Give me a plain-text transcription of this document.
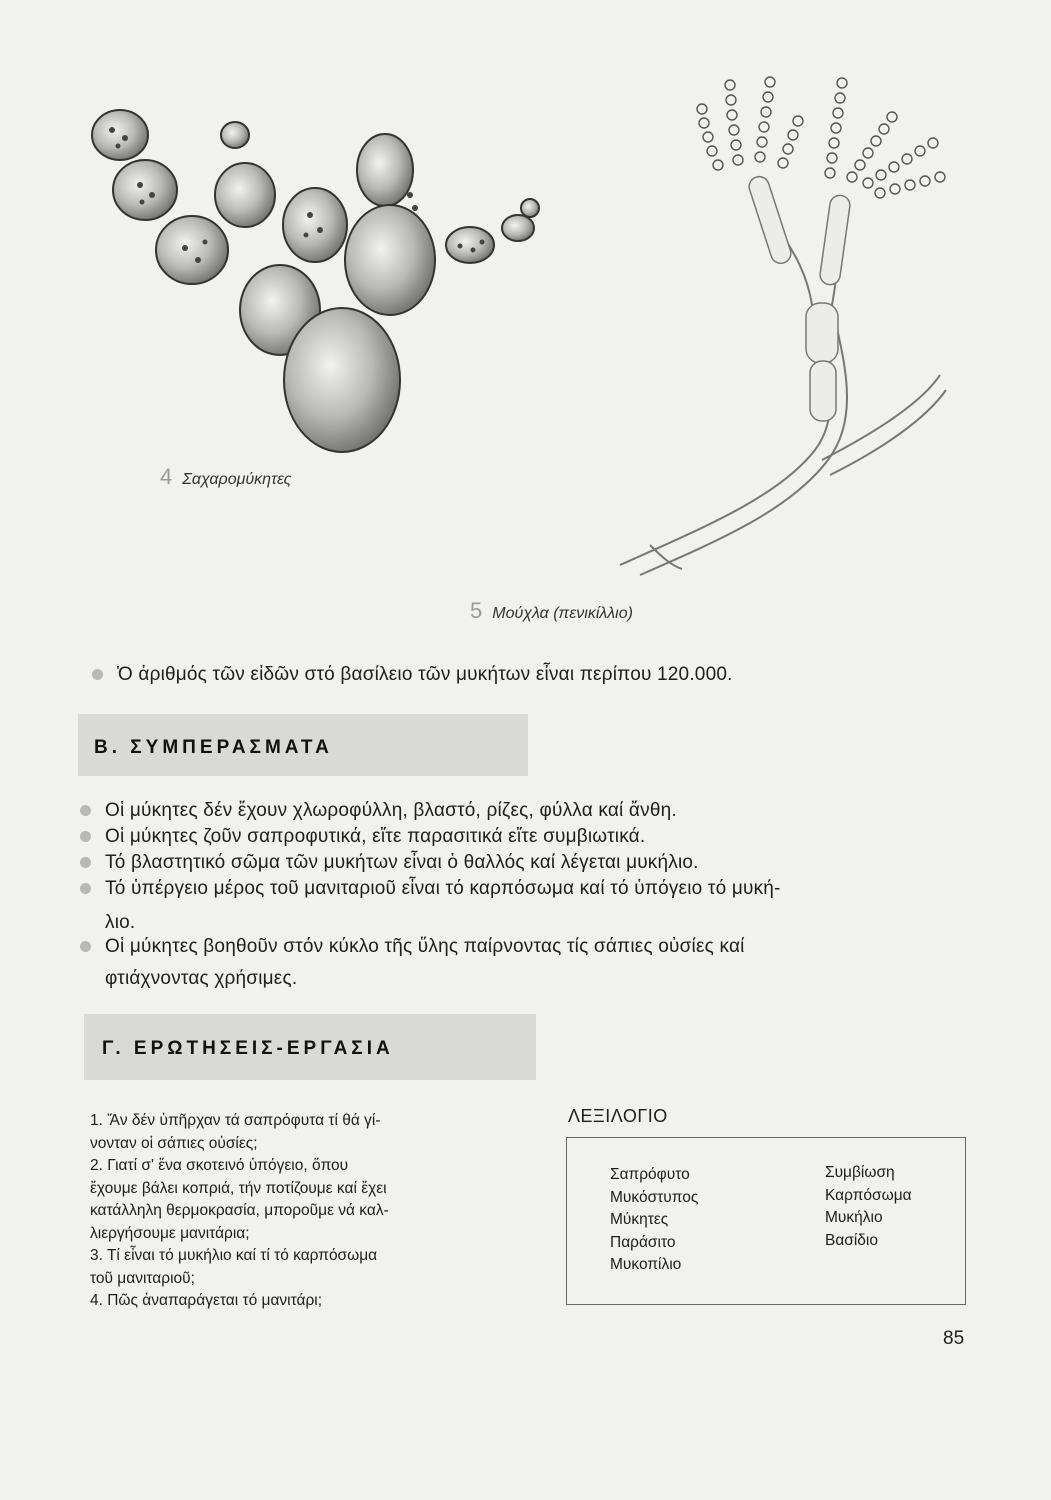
4 Σαχαρομύκητες
5 Μούχλα (πενικίλλιο)
Ὁ ἀριθμός τῶν εἰδῶν στό βασίλειο τῶν μυκήτων εἶναι περίπου 120.000.
Β. ΣΥΜΠΕΡΑΣΜΑΤΑ
Οἱ μύκητες δέν ἔχουν χλωροφύλλη, βλαστό, ρίζες, φύλλα καί ἄνθη.
Οἱ μύκητες ζοῦν σαπροφυτικά, εἴτε παρασιτικά εἴτε συμβιωτικά.
Τό βλαστητικό σῶμα τῶν μυκήτων εἶναι ὁ θαλλός καί λέγεται μυκήλιο.
Τό ὑπέργειο μέρος τοῦ μανιταριοῦ εἶναι τό καρπόσωμα καί τό ὑπόγειο τό μυκή-
λιο.
Οἱ μύκητες βοηθοῦν στόν κύκλο τῆς ὕλης παίρνοντας τίς σάπιες οὐσίες καί
φτιάχνοντας χρήσιμες.
Γ. ΕΡΩΤΗΣΕΙΣ-ΕΡΓΑΣΙΑ

1. Ἄν δέν ὑπῆρχαν τά σαπρόφυτα τί θά γί-

νονταν οἱ σάπιες οὐσίες;

2. Γιατί σ' ἕνα σκοτεινό ὑπόγειο, ὅπου

ἔχουμε βάλει κοπριά, τήν ποτίζουμε καί ἔχει

κατάλληλη θερμοκρασία, μποροῦμε νά καλ-

λιεργήσουμε μανιτάρια;

3. Τί εἶναι τό μυκήλιο καί τί τό καρπόσωμα

τοῦ μανιταριοῦ;

4. Πῶς ἀναπαράγεται τό μανιτάρι;

ΛΕΞΙΛΟΓΙΟ
Σαπρόφυτο
Μυκόστυπος
Μύκητες
Παράσιτο
Μυκοπίλιο
Συμβίωση
Καρπόσωμα
Μυκήλιο
Βασίδιο
85
